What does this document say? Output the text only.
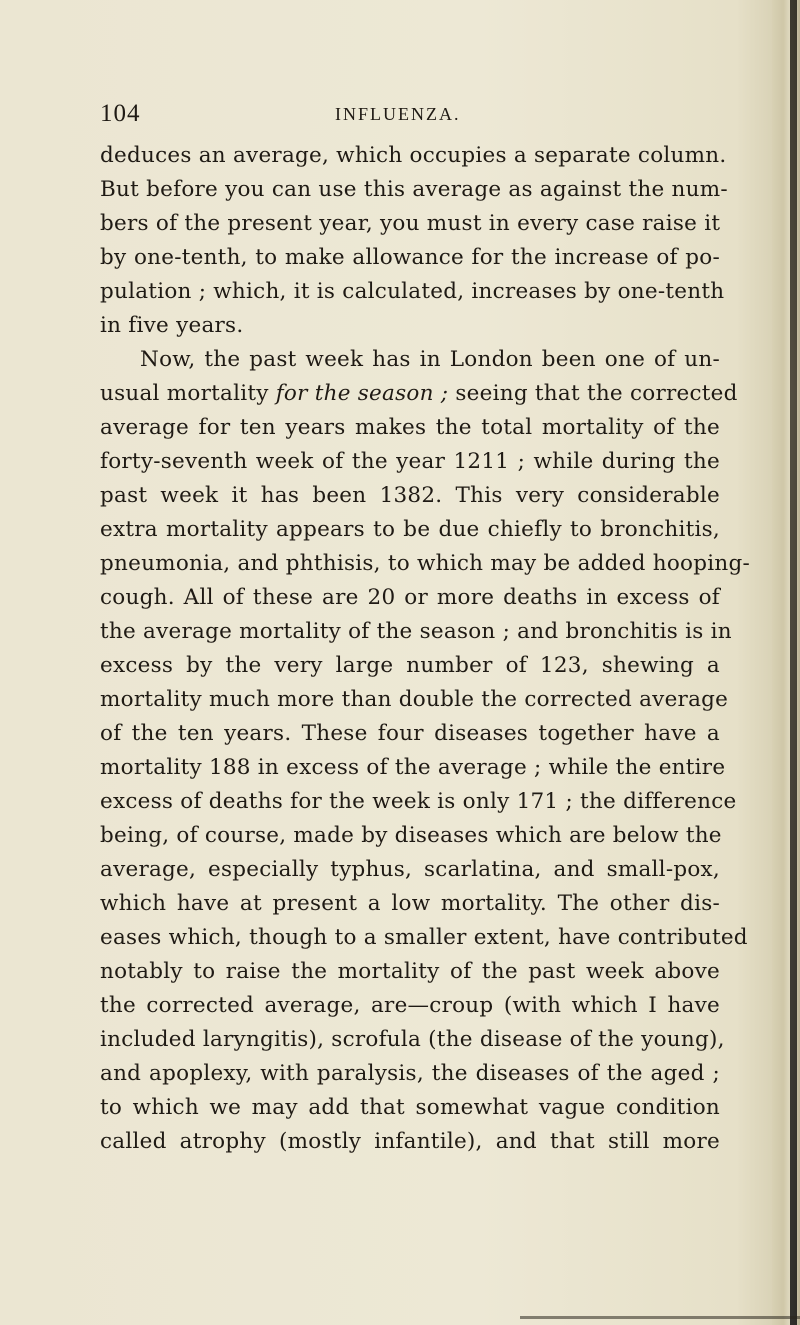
104	INFLUENZA.
deduces an average, which occupies a separate column.
But before you can use this average as against the num-
bers of the present year, you must in every case raise it
by one-tenth, to make allowance for the increase of po-
pulation ; which, it is calculated, increases by one-tenth
in five years.
Now, the past week has in London been one of un-
usual mortality for the season ; seeing that the corrected
average for ten years makes the total mortality of the
forty-seventh week of the year 1211 ; while during the
past week it has been 1382. This very considerable
extra mortality appears to be due chiefly to bronchitis,
pneumonia, and phthisis, to which may be added hooping-
cough. All of these are 20 or more deaths in excess of
the average mortality of the season ; and bronchitis is in
excess by the very large number of 123, shewing a
mortality much more than double the corrected average
of the ten years. These four diseases together have a
mortality 188 in excess of the average ; while the entire
excess of deaths for the week is only 171 ; the difference
being, of course, made by diseases which are below the
average, especially typhus, scarlatina, and small-pox,
which have at present a low mortality. The other dis-
eases which, though to a smaller extent, have contributed
notably to raise the mortality of the past week above
the corrected average, are—croup (with which I have
included laryngitis), scrofula (the disease of the young),
and apoplexy, with paralysis, the diseases of the aged ;
to which we may add that somewhat vague condition
called atrophy (mostly infantile), and that still more
